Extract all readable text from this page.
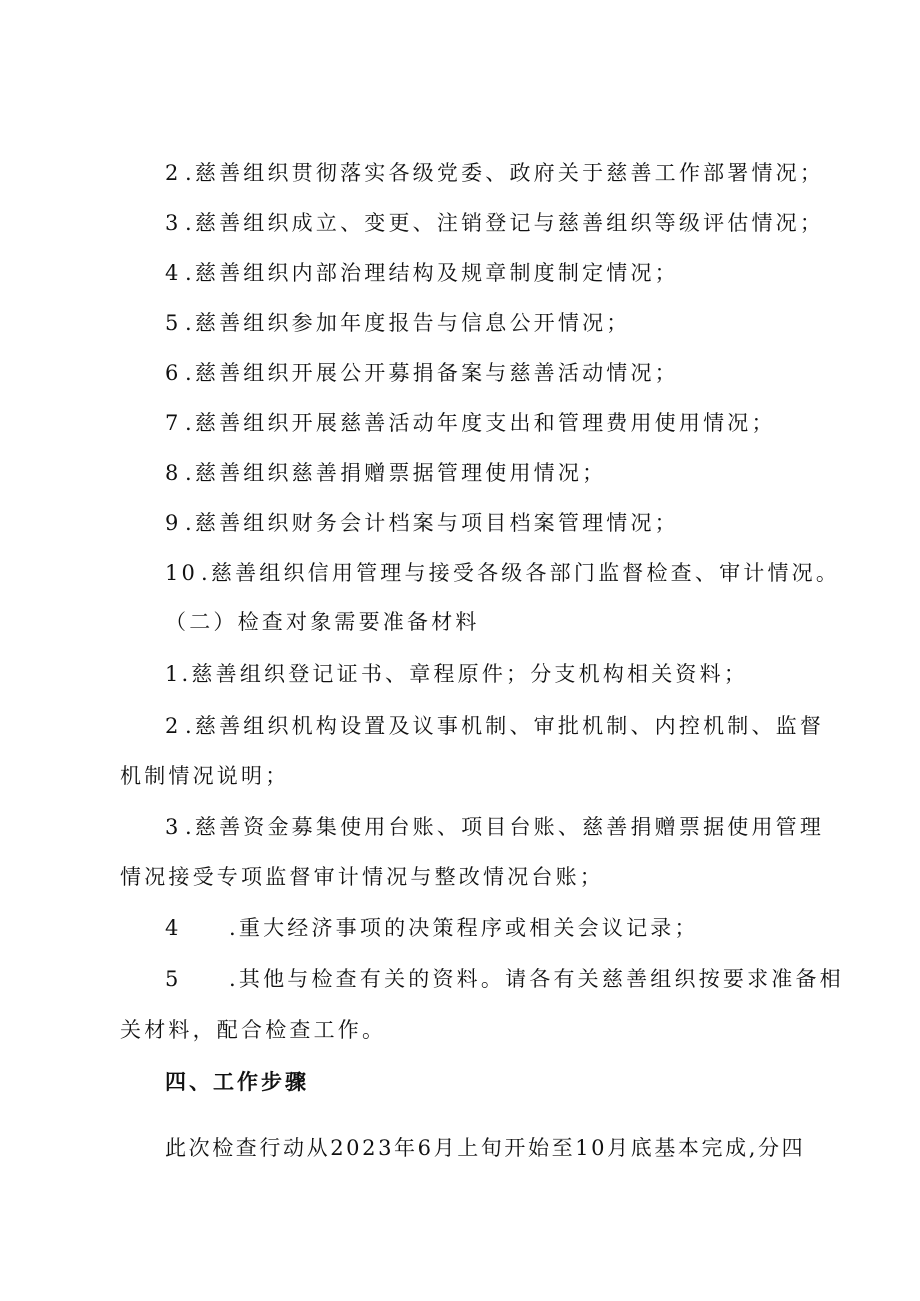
2 .慈善组织贯彻落实各级党委、政府关于慈善工作部署情况；
3 .慈善组织成立、变更、注销登记与慈善组织等级评估情况；
4 .慈善组织内部治理结构及规章制度制定情况；
5 .慈善组织参加年度报告与信息公开情况；
6 .慈善组织开展公开募捐备案与慈善活动情况；
7 .慈善组织开展慈善活动年度支出和管理费用使用情况；
8 .慈善组织慈善捐赠票据管理使用情况；
9 .慈善组织财务会计档案与项目档案管理情况；
10 .慈善组织信用管理与接受各级各部门监督检查、审计情况。
（二）检查对象需要准备材料
1.慈善组织登记证书、章程原件；分支机构相关资料；
2 .慈善组织机构设置及议事机制、审批机制、内控机制、监督
机制情况说明；
3 .慈善资金募集使用台账、项目台账、慈善捐赠票据使用管理
情况接受专项监督审计情况与整改情况台账；
4 .重大经济事项的决策程序或相关会议记录；
5 .其他与检查有关的资料。请各有关慈善组织按要求准备相
关材料，配合检查工作。
四、工作步骤
此次检查行动从2023年6月上旬开始至10月底基本完成,分四
